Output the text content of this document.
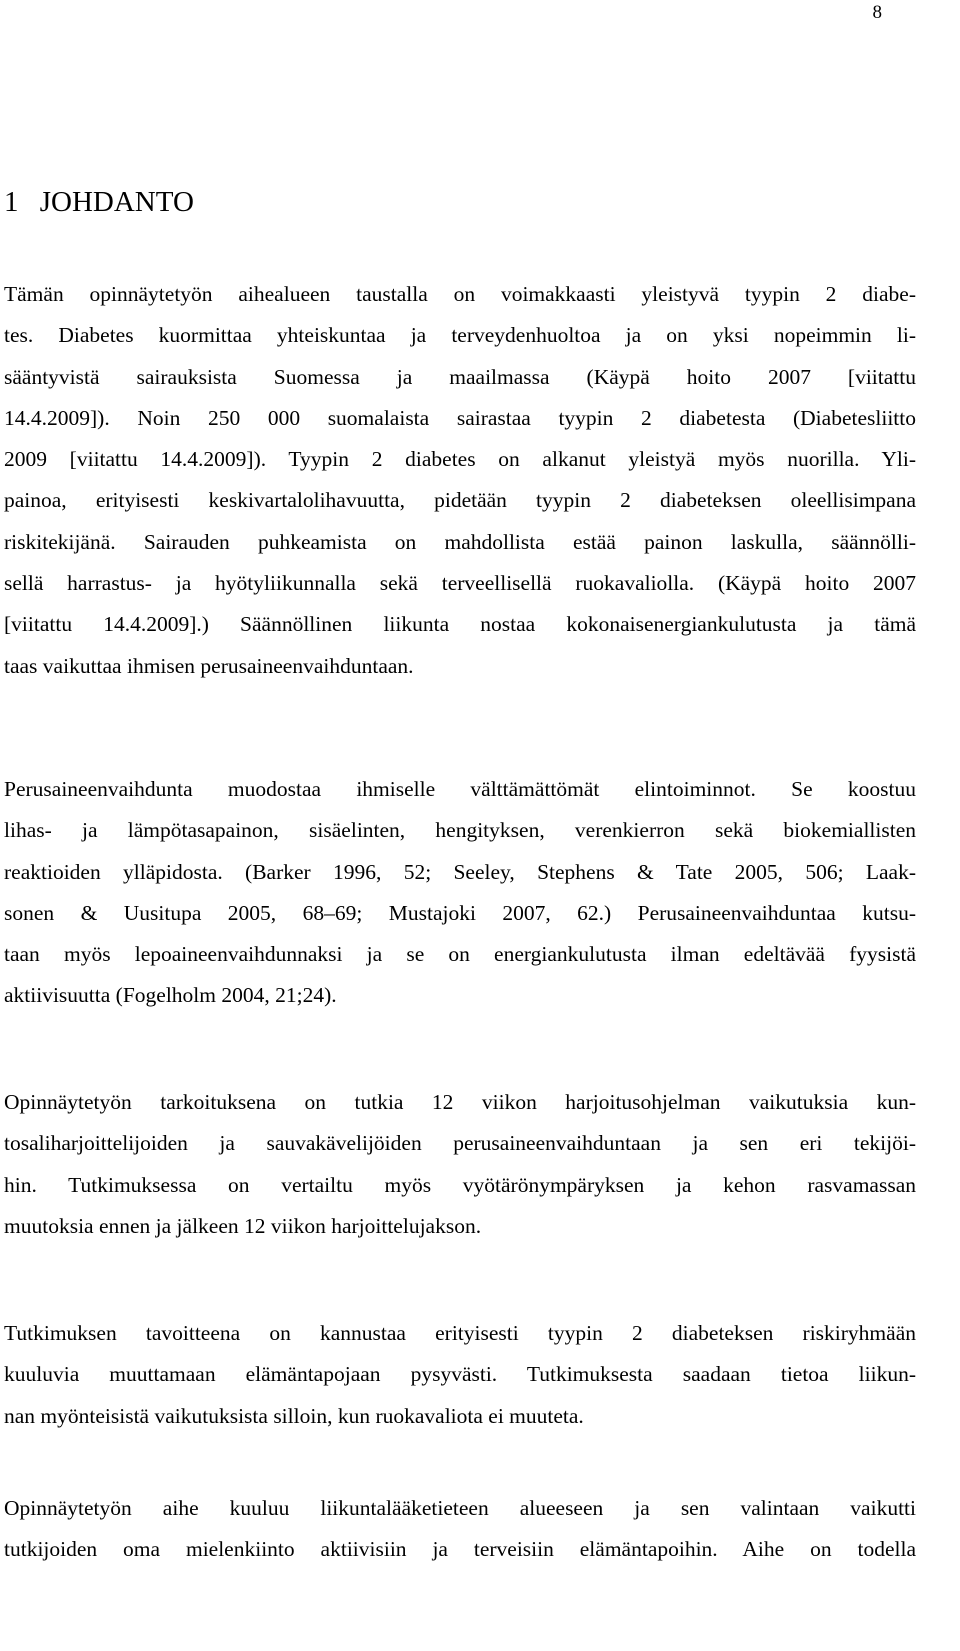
8
1 JOHDANTO

Tämän opinnäytetyön aihealueen taustalla on voimakkaasti yleistyvä tyypin 2 diabe-
tes. Diabetes kuormittaa yhteiskuntaa ja terveydenhuoltoa ja on yksi nopeimmin li-
sääntyvistä sairauksista Suomessa ja maailmassa (Käypä hoito 2007 [viitattu
14.4.2009]). Noin 250 000 suomalaista sairastaa tyypin 2 diabetesta (Diabetesliitto
2009 [viitattu 14.4.2009]). Tyypin 2 diabetes on alkanut yleistyä myös nuorilla. Yli-
painoa, erityisesti keskivartalolihavuutta, pidetään tyypin 2 diabeteksen oleellisimpana
riskitekijänä. Sairauden puhkeamista on mahdollista estää painon laskulla, säännölli-
sellä harrastus- ja hyötyliikunnalla sekä terveellisellä ruokavaliolla. (Käypä hoito 2007
[viitattu 14.4.2009].) Säännöllinen liikunta nostaa kokonaisenergiankulutusta ja tämä
taas vaikuttaa ihmisen perusaineenvaihduntaan.

Perusaineenvaihdunta muodostaa ihmiselle välttämättömät elintoiminnot. Se koostuu
lihas- ja lämpötasapainon, sisäelinten, hengityksen, verenkierron sekä biokemiallisten
reaktioiden ylläpidosta. (Barker 1996, 52; Seeley, Stephens & Tate 2005, 506; Laak-
sonen & Uusitupa 2005, 68–69; Mustajoki 2007, 62.) Perusaineenvaihduntaa kutsu-
taan myös lepoaineenvaihdunnaksi ja se on energiankulutusta ilman edeltävää fyysistä
aktiivisuutta (Fogelholm 2004, 21;24).

Opinnäytetyön tarkoituksena on tutkia 12 viikon harjoitusohjelman vaikutuksia kun-
tosaliharjoittelijoiden ja sauvakävelijöiden perusaineenvaihduntaan ja sen eri tekijöi-
hin. Tutkimuksessa on vertailtu myös vyötärönympäryksen ja kehon rasvamassan
muutoksia ennen ja jälkeen 12 viikon harjoittelujakson.

Tutkimuksen tavoitteena on kannustaa erityisesti tyypin 2 diabeteksen riskiryhmään
kuuluvia muuttamaan elämäntapojaan pysyvästi. Tutkimuksesta saadaan tietoa liikun-
nan myönteisistä vaikutuksista silloin, kun ruokavaliota ei muuteta.

Opinnäytetyön aihe kuuluu liikuntalääketieteen alueeseen ja sen valintaan vaikutti
tutkijoiden oma mielenkiinto aktiivisiin ja terveisiin elämäntapoihin. Aihe on todella
